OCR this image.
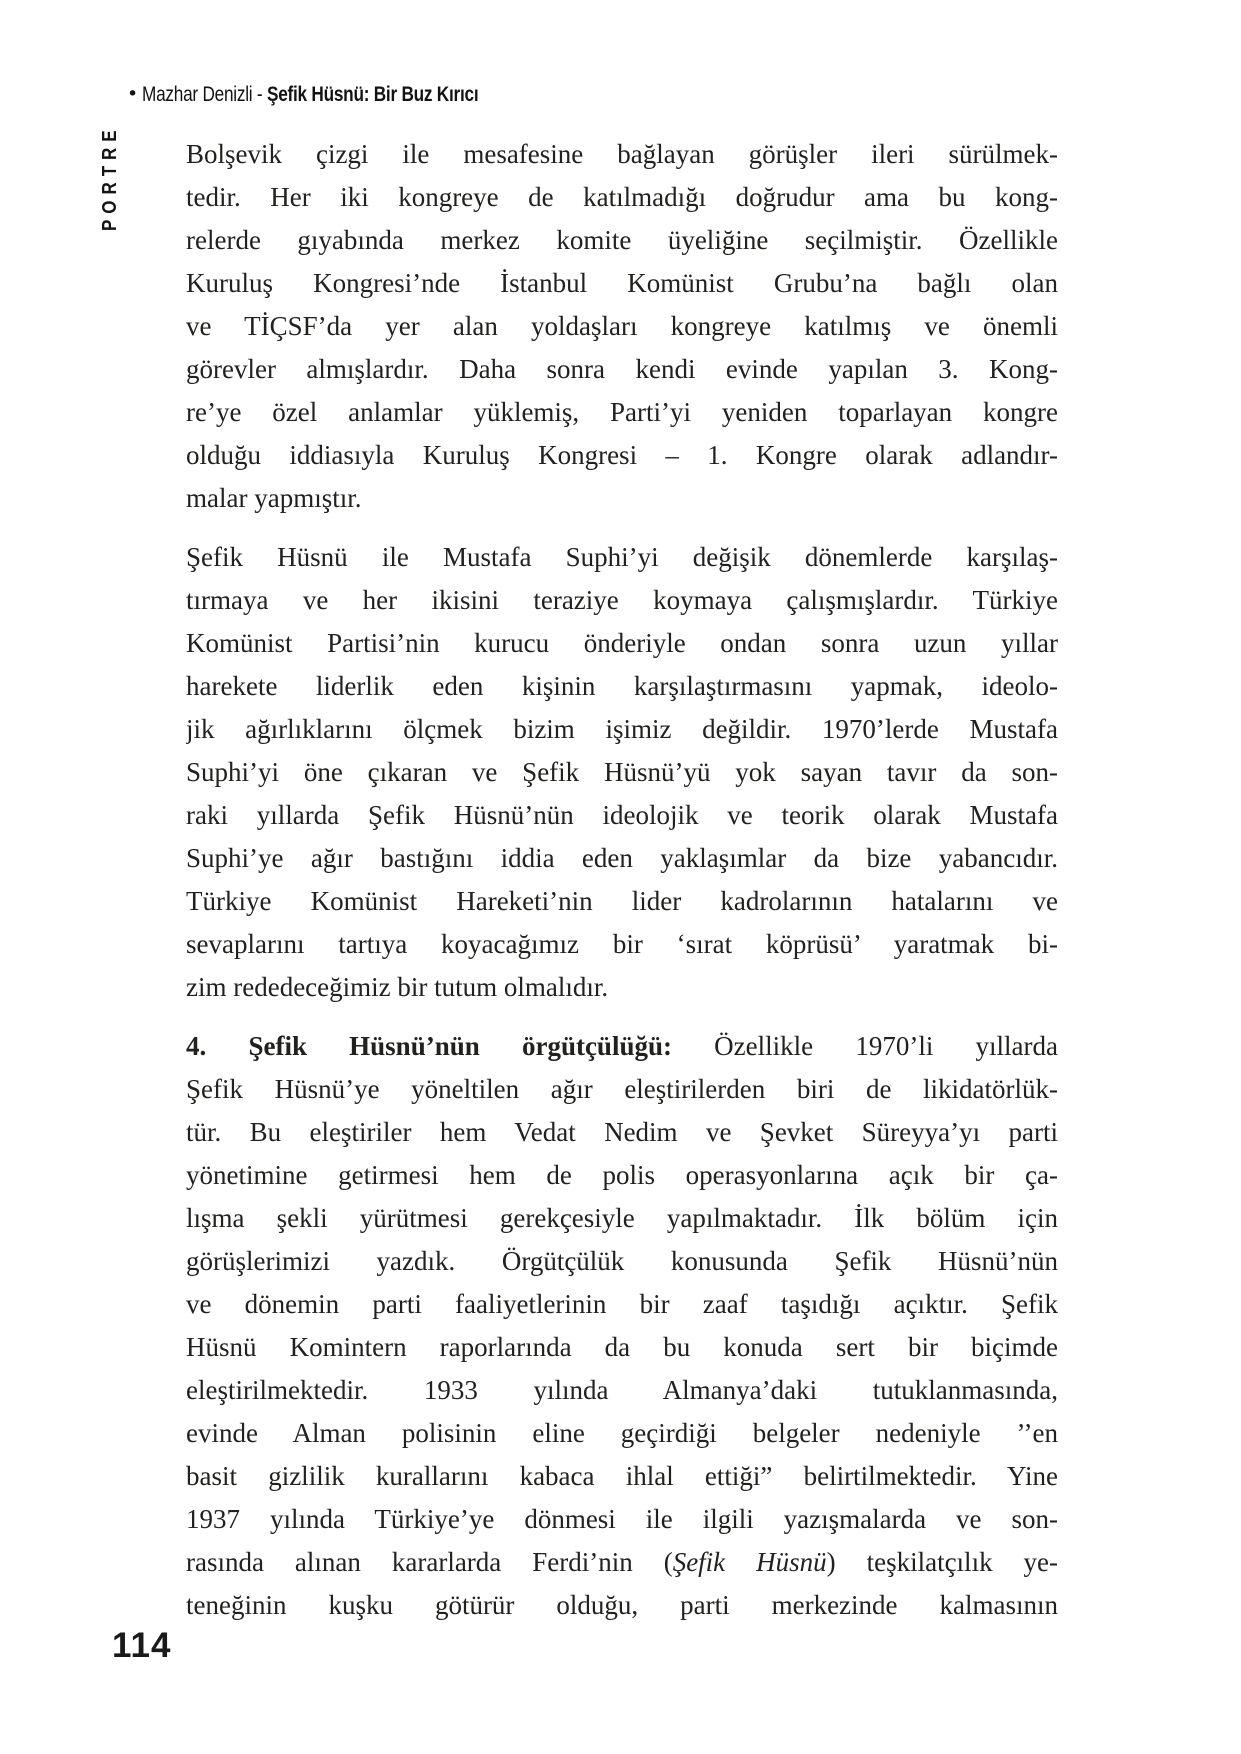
• Mazhar Denizli - Şefik Hüsnü: Bir Buz Kırıcı
PORTRE Bolşevik çizgi ile mesafesine bağlayan görüşler ileri sürülmek-
tedir. Her iki kongreye de katılmadığı doğrudur ama bu kong-
relerde gıyabında merkez komite üyeliğine seçilmiştir. Özellikle
Kuruluş Kongresi’nde İstanbul Komünist Grubu’na bağlı olan
ve TİÇSF’da yer alan yoldaşları kongreye katılmış ve önemli
görevler almışlardır. Daha sonra kendi evinde yapılan 3. Kong-
re’ye özel anlamlar yüklemiş, Parti’yi yeniden toparlayan kongre
olduğu iddiasıyla Kuruluş Kongresi – 1. Kongre olarak adlandır-
malar yapmıştır.
Şefik Hüsnü ile Mustafa Suphi’yi değişik dönemlerde karşılaş-
tırmaya ve her ikisini teraziye koymaya çalışmışlardır. Türkiye
Komünist Partisi’nin kurucu önderiyle ondan sonra uzun yıllar
harekete liderlik eden kişinin karşılaştırmasını yapmak, ideolo-
jik ağırlıklarını ölçmek bizim işimiz değildir. 1970’lerde Mustafa
Suphi’yi öne çıkaran ve Şefik Hüsnü’yü yok sayan tavır da son-
raki yıllarda Şefik Hüsnü’nün ideolojik ve teorik olarak Mustafa
Suphi’ye ağır bastığını iddia eden yaklaşımlar da bize yabancıdır.
Türkiye Komünist Hareketi’nin lider kadrolarının hatalarını ve
sevaplarını tartıya koyacağımız bir ‘sırat köprüsü’ yaratmak bi-
zim rededeceğimiz bir tutum olmalıdır.
4. Şefik Hüsnü’nün örgütçülüğü: Özellikle 1970’li yıllarda
Şefik Hüsnü’ye yöneltilen ağır eleştirilerden biri de likidatörlük-
tür. Bu eleştiriler hem Vedat Nedim ve Şevket Süreyya’yı parti
yönetimine getirmesi hem de polis operasyonlarına açık bir ça-
lışma şekli yürütmesi gerekçesiyle yapılmaktadır. İlk bölüm için
görüşlerimizi yazdık. Örgütçülük konusunda Şefik Hüsnü’nün
ve dönemin parti faaliyetlerinin bir zaaf taşıdığı açıktır. Şefik
Hüsnü Komintern raporlarında da bu konuda sert bir biçimde
eleştirilmektedir. 1933 yılında Almanya’daki tutuklanmasında,
evinde Alman polisinin eline geçirdiği belgeler nedeniyle ’’en
basit gizlilik kurallarını kabaca ihlal ettiği” belirtilmektedir. Yine
1937 yılında Türkiye’ye dönmesi ile ilgili yazışmalarda ve son-
rasında alınan kararlarda Ferdi’nin (Şefik Hüsnü) teşkilatçılık ye-
teneğinin kuşku götürür olduğu, parti merkezinde kalmasının
114
